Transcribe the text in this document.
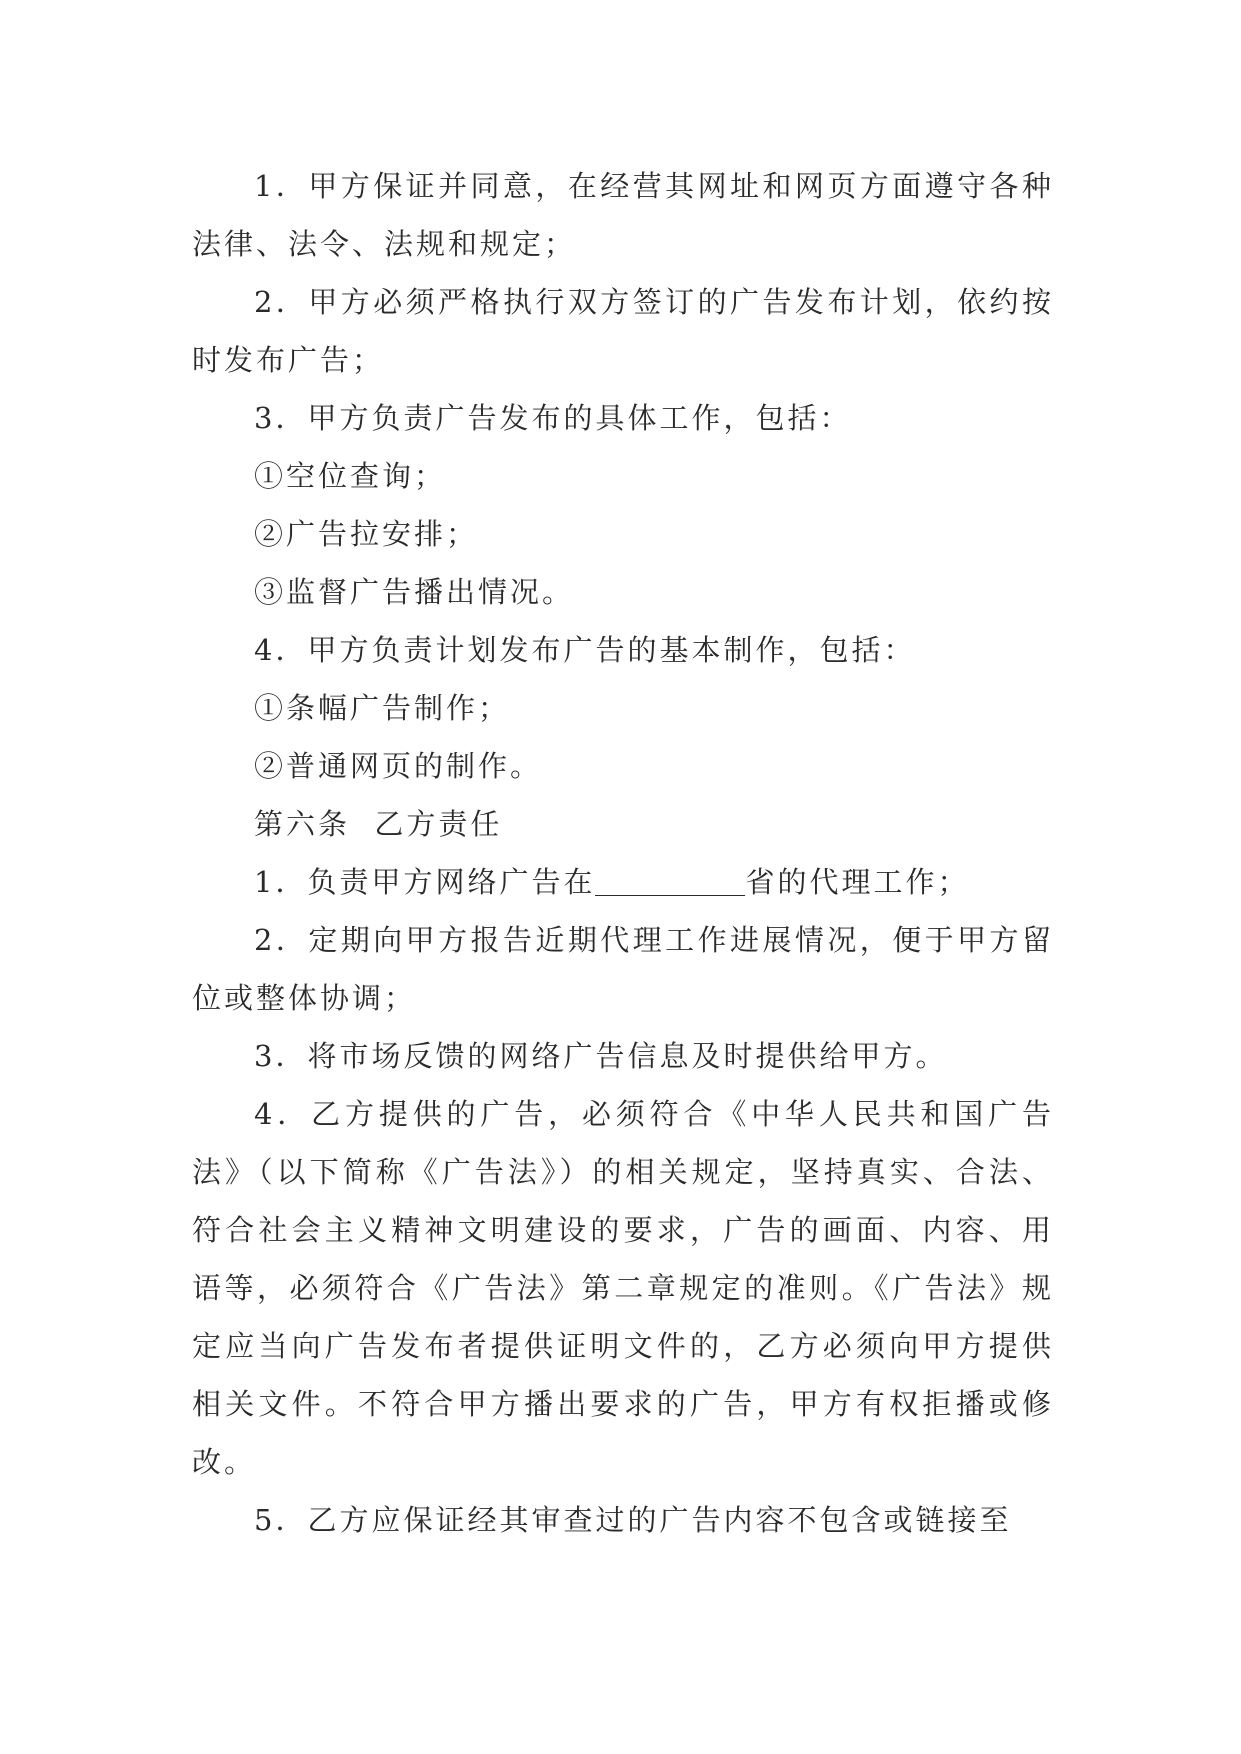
1．甲方保证并同意，在经营其网址和网页方面遵守各种法律、法令、法规和规定；

2．甲方必须严格执行双方签订的广告发布计划，依约按时发布广告；

3．甲方负责广告发布的具体工作，包括：

①空位查询；

②广告拉安排；

③监督广告播出情况。

4．甲方负责计划发布广告的基本制作，包括：

①条幅广告制作；

②普通网页的制作。

第六条  乙方责任

1．负责甲方网络广告在	省的代理工作；

2．定期向甲方报告近期代理工作进展情况，便于甲方留位或整体协调；

3．将市场反馈的网络广告信息及时提供给甲方。

4．乙方提供的广告，必须符合《中华人民共和国广告法》（以下简称《广告法》）的相关规定，坚持真实、合法、符合社会主义精神文明建设的要求，广告的画面、内容、用语等，必须符合《广告法》第二章规定的准则。《广告法》规定应当向广告发布者提供证明文件的，乙方必须向甲方提供相关文件。不符合甲方播出要求的广告，甲方有权拒播或修改。

5．乙方应保证经其审查过的广告内容不包含或链接至
